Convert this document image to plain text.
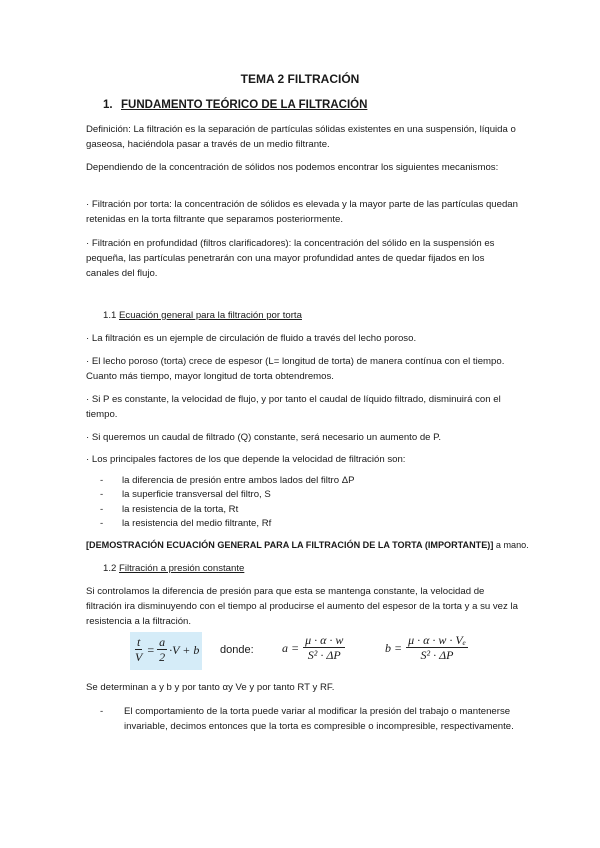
TEMA 2 FILTRACIÓN
1. FUNDAMENTO TEÓRICO DE LA FILTRACIÓN

Definición: La filtración es la separación de partículas sólidas existentes en una suspensión, líquida o gaseosa, haciéndola pasar a través de un medio filtrante.

Dependiendo de la concentración de sólidos nos podemos encontrar los siguientes mecanismos:

· Filtración por torta: la concentración de sólidos es elevada y la mayor parte de las partículas quedan retenidas en la torta filtrante que separamos posteriormente.

· Filtración en profundidad (filtros clarificadores): la concentración del sólido en la suspensión es pequeña, las partículas penetrarán con una mayor profundidad antes de quedar fijados en los canales del flujo.

1.1 Ecuación general para la filtración por torta

· La filtración es un ejemple de circulación de fluido a través del lecho poroso.

· El lecho poroso (torta) crece de espesor (L= longitud de torta) de manera contínua con el tiempo. Cuanto más tiempo, mayor longitud de torta obtendremos.

· Si P es constante, la velocidad de flujo, y por tanto el caudal de líquido filtrado, disminuirá con el tiempo.

· Si queremos un caudal de filtrado (Q) constante, será necesario un aumento de P.

· Los principales factores de los que depende la velocidad de filtración son:

-	la diferencia de presión entre ambos lados del filtro ΔP
-	la superficie transversal del filtro, S
-	la resistencia de la torta, Rt
-	la resistencia del medio filtrante, Rf
[DEMOSTRACIÓN ECUACIÓN GENERAL PARA LA FILTRACIÓN DE LA TORTA (IMPORTANTE)] a mano.
1.2 Filtración a presión constante

Si controlamos la diferencia de presión para que esta se mantenga constante, la velocidad de filtración ira disminuyendo con el tiempo al producirse el aumento del espesor de la torta y a su vez la resistencia a la filtración.

$\frac{t}{V} = \frac{a}{2} \cdot V + b$ donde: $a = \frac{\mu \cdot \alpha \cdot w}{\text{S² · ΔP}}$	$b = \frac{\text{μ · α · w · Vₑ}}{\text{S² · ΔP}}$

Se determinan a y b y por tanto αy Ve y por tanto RT y RF.

-	El comportamiento de la torta puede variar al modificar la presión del trabajo o mantenerse invariable, decimos entonces que la torta es compresible o incompresible, respectivamente.
